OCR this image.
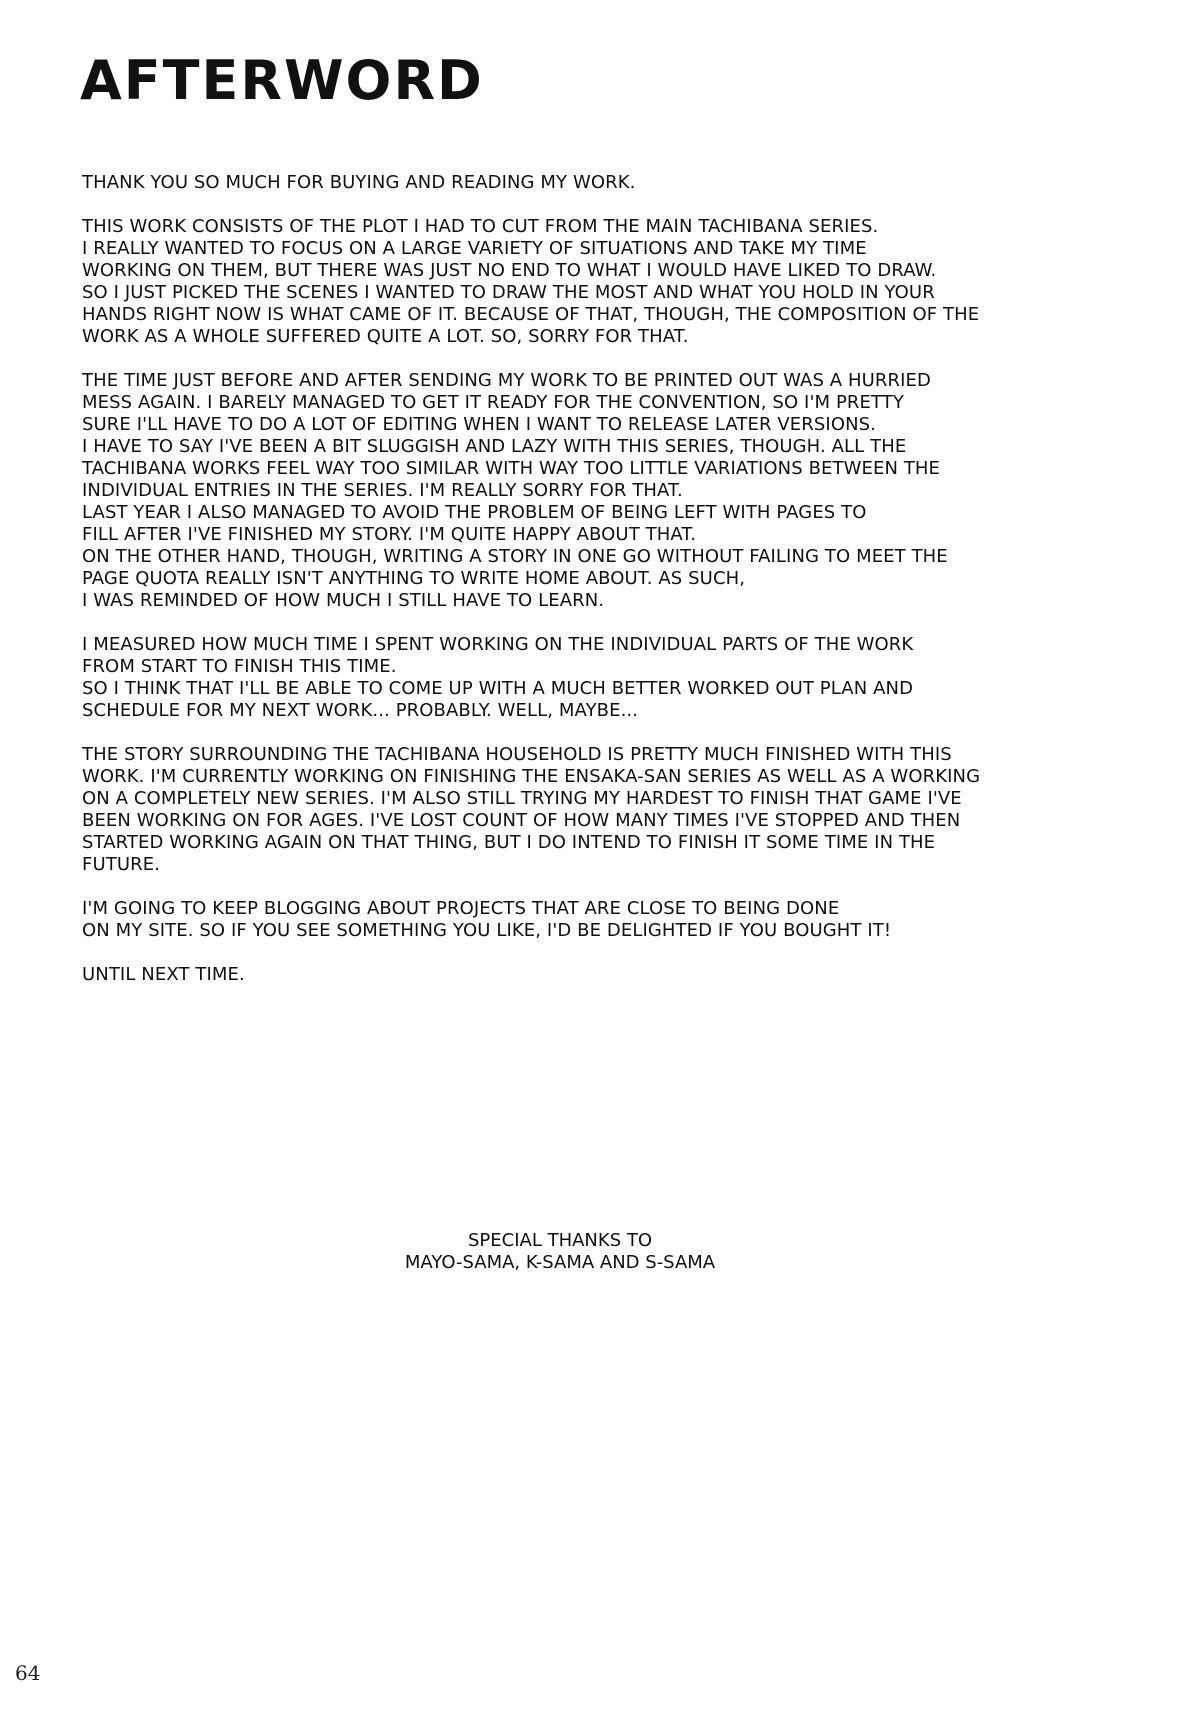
AFTERWORD

THANK YOU SO MUCH FOR BUYING AND READING MY WORK.

THIS WORK CONSISTS OF THE PLOT I HAD TO CUT FROM THE MAIN TACHIBANA SERIES.
I REALLY WANTED TO FOCUS ON A LARGE VARIETY OF SITUATIONS AND TAKE MY TIME
WORKING ON THEM, BUT THERE WAS JUST NO END TO WHAT I WOULD HAVE LIKED TO DRAW.
SO I JUST PICKED THE SCENES I WANTED TO DRAW THE MOST AND WHAT YOU HOLD IN YOUR
HANDS RIGHT NOW IS WHAT CAME OF IT. BECAUSE OF THAT, THOUGH, THE COMPOSITION OF THE
WORK AS A WHOLE SUFFERED QUITE A LOT. SO, SORRY FOR THAT.

THE TIME JUST BEFORE AND AFTER SENDING MY WORK TO BE PRINTED OUT WAS A HURRIED
MESS AGAIN. I BARELY MANAGED TO GET IT READY FOR THE CONVENTION, SO I'M PRETTY
SURE I'LL HAVE TO DO A LOT OF EDITING WHEN I WANT TO RELEASE LATER VERSIONS.
I HAVE TO SAY I'VE BEEN A BIT SLUGGISH AND LAZY WITH THIS SERIES, THOUGH. ALL THE
TACHIBANA WORKS FEEL WAY TOO SIMILAR WITH WAY TOO LITTLE VARIATIONS BETWEEN THE
INDIVIDUAL ENTRIES IN THE SERIES. I'M REALLY SORRY FOR THAT.
LAST YEAR I ALSO MANAGED TO AVOID THE PROBLEM OF BEING LEFT WITH PAGES TO
FILL AFTER I'VE FINISHED MY STORY. I'M QUITE HAPPY ABOUT THAT.
ON THE OTHER HAND, THOUGH, WRITING A STORY IN ONE GO WITHOUT FAILING TO MEET THE
PAGE QUOTA REALLY ISN'T ANYTHING TO WRITE HOME ABOUT. AS SUCH,
I WAS REMINDED OF HOW MUCH I STILL HAVE TO LEARN.

I MEASURED HOW MUCH TIME I SPENT WORKING ON THE INDIVIDUAL PARTS OF THE WORK
FROM START TO FINISH THIS TIME.
SO I THINK THAT I'LL BE ABLE TO COME UP WITH A MUCH BETTER WORKED OUT PLAN AND
SCHEDULE FOR MY NEXT WORK... PROBABLY. WELL, MAYBE...

THE STORY SURROUNDING THE TACHIBANA HOUSEHOLD IS PRETTY MUCH FINISHED WITH THIS
WORK. I'M CURRENTLY WORKING ON FINISHING THE ENSAKA-SAN SERIES AS WELL AS A WORKING
ON A COMPLETELY NEW SERIES. I'M ALSO STILL TRYING MY HARDEST TO FINISH THAT GAME I'VE
BEEN WORKING ON FOR AGES. I'VE LOST COUNT OF HOW MANY TIMES I'VE STOPPED AND THEN
STARTED WORKING AGAIN ON THAT THING, BUT I DO INTEND TO FINISH IT SOME TIME IN THE
FUTURE.

I'M GOING TO KEEP BLOGGING ABOUT PROJECTS THAT ARE CLOSE TO BEING DONE
ON MY SITE. SO IF YOU SEE SOMETHING YOU LIKE, I'D BE DELIGHTED IF YOU BOUGHT IT!

UNTIL NEXT TIME.

SPECIAL THANKS TO
MAYO-SAMA, K-SAMA AND S-SAMA
64
